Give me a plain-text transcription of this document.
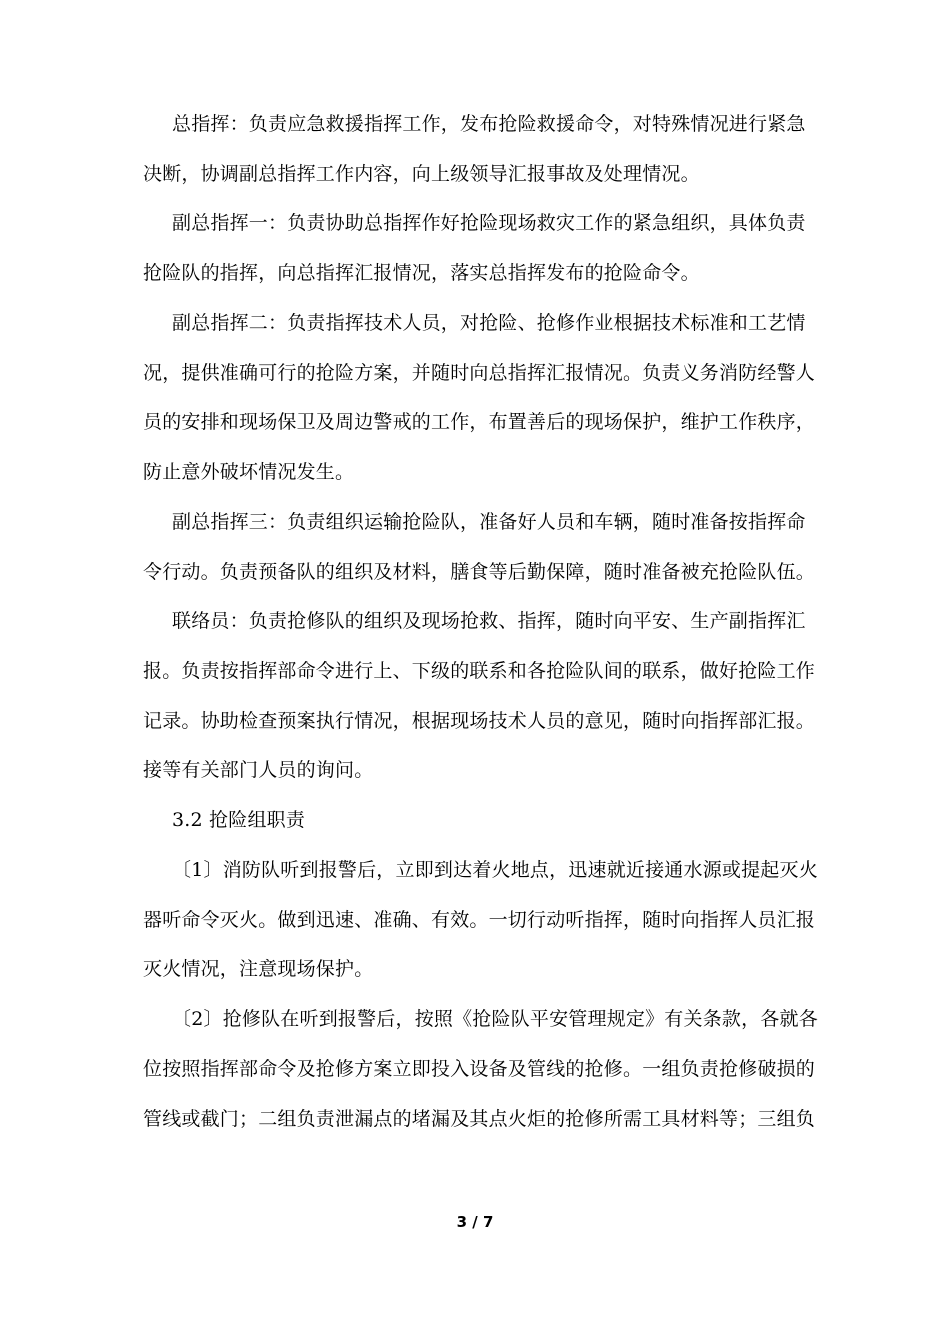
总指挥：负责应急救援指挥工作，发布抢险救援命令，对特殊情况进行紧急
决断，协调副总指挥工作内容，向上级领导汇报事故及处理情况。
副总指挥一：负责协助总指挥作好抢险现场救灾工作的紧急组织，具体负责
抢险队的指挥，向总指挥汇报情况，落实总指挥发布的抢险命令。
副总指挥二：负责指挥技术人员，对抢险、抢修作业根据技术标准和工艺情
况，提供准确可行的抢险方案，并随时向总指挥汇报情况。负责义务消防经警人
员的安排和现场保卫及周边警戒的工作，布置善后的现场保护，维护工作秩序，
防止意外破坏情况发生。
副总指挥三：负责组织运输抢险队，准备好人员和车辆，随时准备按指挥命
令行动。负责预备队的组织及材料，膳食等后勤保障，随时准备被充抢险队伍。
联络员：负责抢修队的组织及现场抢救、指挥，随时向平安、生产副指挥汇
报。负责按指挥部命令进行上、下级的联系和各抢险队间的联系，做好抢险工作
记录。协助检查预案执行情况，根据现场技术人员的意见，随时向指挥部汇报。
接等有关部门人员的询问。
3.2 抢险组职责
〔1〕消防队听到报警后，立即到达着火地点，迅速就近接通水源或提起灭火
器听命令灭火。做到迅速、准确、有效。一切行动听指挥，随时向指挥人员汇报
灭火情况，注意现场保护。
〔2〕抢修队在听到报警后，按照《抢险队平安管理规定》有关条款，各就各
位按照指挥部命令及抢修方案立即投入设备及管线的抢修。一组负责抢修破损的
管线或截门；二组负责泄漏点的堵漏及其点火炬的抢修所需工具材料等；三组负
3 / 7
